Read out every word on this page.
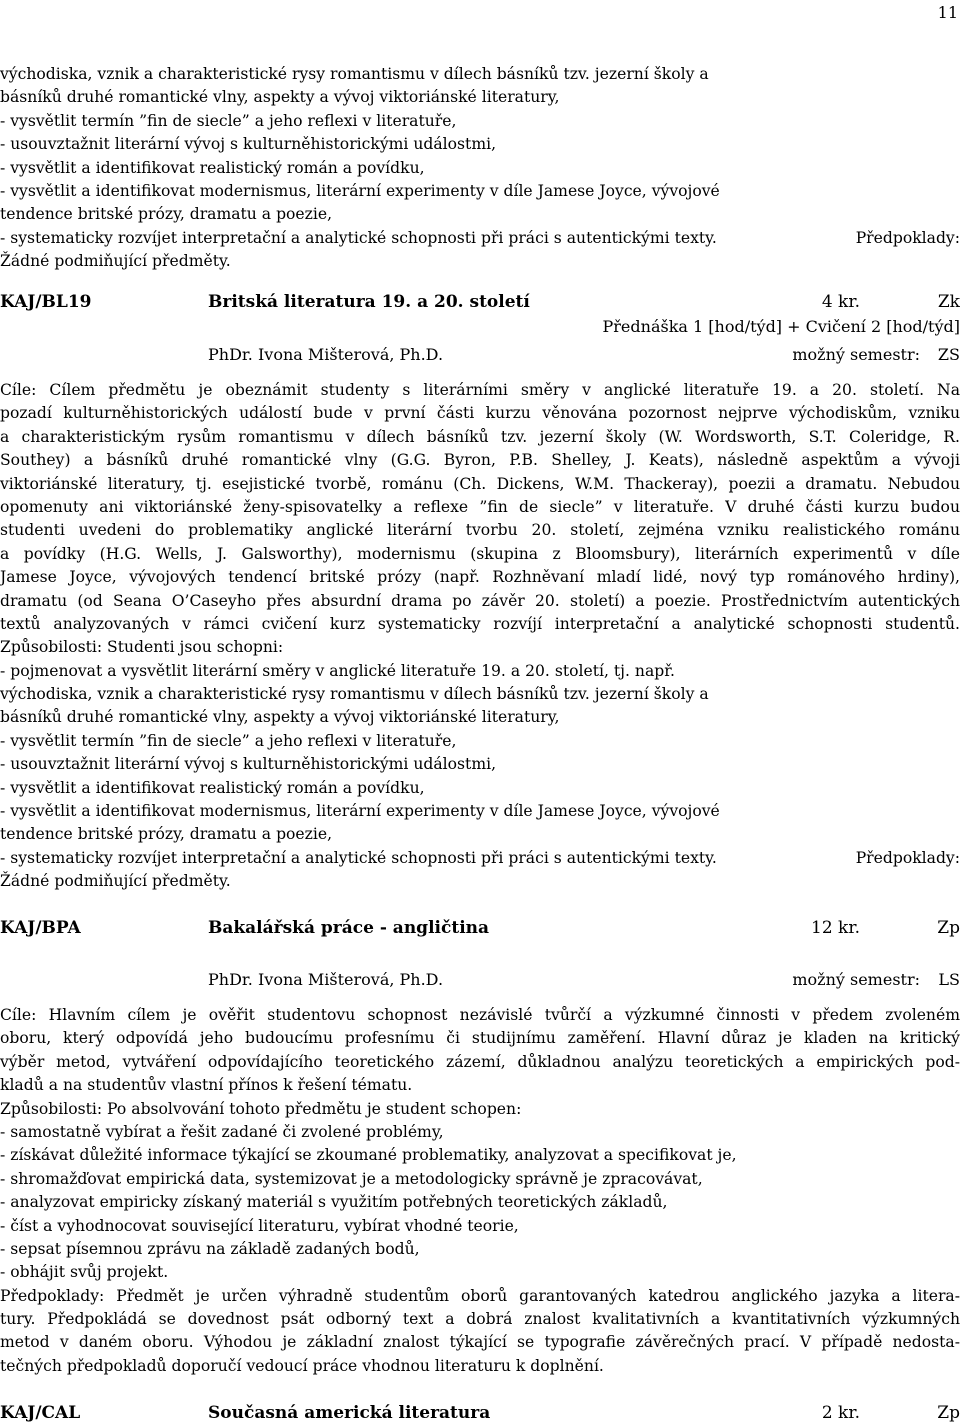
11
východiska, vznik a charakteristické rysy romantismu v dílech básníků tzv. jezerní školy a
básníků druhé romantické vlny, aspekty a vývoj viktoriánské literatury,
- vysvětlit termín ”fin de siecle” a jeho reflexi v literatuře,
- usouvztažnit literární vývoj s kulturněhistorickými událostmi,
- vysvětlit a identifikovat realistický román a povídku,
- vysvětlit a identifikovat modernismus, literární experimenty v díle Jamese Joyce, vývojové
tendence britské prózy, dramatu a poezie,
- systematicky rozvíjet interpretační a analytické schopnosti při práci s autentickými texty.	Předpoklady:
Žádné podmiňující předměty.
KAJ/BL19	Britská literatura 19. a 20. století	4 kr.	Zk
Přednáška 1 [hod/týd] + Cvičení 2 [hod/týd]
PhDr. Ivona Mišterová, Ph.D.	možný semestr: ZS
Cíle: Cílem předmětu je obeznámit studenty s literárními směry v anglické literatuře 19. a 20. století. Na
pozadí kulturněhistorických událostí bude v první části kurzu věnována pozornost nejprve východiskům, vzniku
a charakteristickým rysům romantismu v dílech básníků tzv. jezerní školy (W. Wordsworth, S.T. Coleridge, R.
Southey) a básníků druhé romantické vlny (G.G. Byron, P.B. Shelley, J. Keats), následně aspektům a vývoji
viktoriánské literatury, tj. esejistické tvorbě, románu (Ch. Dickens, W.M. Thackeray), poezii a dramatu. Nebudou
opomenuty ani viktoriánské ženy-spisovatelky a reflexe ”fin de siecle” v literatuře. V druhé části kurzu budou
studenti uvedeni do problematiky anglické literární tvorbu 20. století, zejména vzniku realistického románu
a povídky (H.G. Wells, J. Galsworthy), modernismu (skupina z Bloomsbury), literárních experimentů v díle
Jamese Joyce, vývojových tendencí britské prózy (např. Rozhněvaní mladí lidé, nový typ románového hrdiny),
dramatu (od Seana O’Caseyho přes absurdní drama po závěr 20. století) a poezie. Prostřednictvím autentických
textů analyzovaných v rámci cvičení kurz systematicky rozvíjí interpretační a analytické schopnosti studentů.
Způsobilosti: Studenti jsou schopni:
- pojmenovat a vysvětlit literární směry v anglické literatuře 19. a 20. století, tj. např.
východiska, vznik a charakteristické rysy romantismu v dílech básníků tzv. jezerní školy a
básníků druhé romantické vlny, aspekty a vývoj viktoriánské literatury,
- vysvětlit termín ”fin de siecle” a jeho reflexi v literatuře,
- usouvztažnit literární vývoj s kulturněhistorickými událostmi,
- vysvětlit a identifikovat realistický román a povídku,
- vysvětlit a identifikovat modernismus, literární experimenty v díle Jamese Joyce, vývojové
tendence britské prózy, dramatu a poezie,
- systematicky rozvíjet interpretační a analytické schopnosti při práci s autentickými texty.	Předpoklady:
Žádné podmiňující předměty.
KAJ/BPA	Bakalářská práce - angličtina	12 kr.	Zp
PhDr. Ivona Mišterová, Ph.D.	možný semestr: LS
Cíle: Hlavním cílem je ověřit studentovu schopnost nezávislé tvůrčí a výzkumné činnosti v předem zvoleném
oboru, který odpovídá jeho budoucímu profesnímu či studijnímu zaměření. Hlavní důraz je kladen na kritický
výběr metod, vytváření odpovídajícího teoretického zázemí, důkladnou analýzu teoretických a empirických pod-
kladů a na studentův vlastní přínos k řešení tématu.
Způsobilosti: Po absolvování tohoto předmětu je student schopen:
- samostatně vybírat a řešit zadané či zvolené problémy,
- získávat důležité informace týkající se zkoumané problematiky, analyzovat a specifikovat je,
- shromažďovat empirická data, systemizovat je a metodologicky správně je zpracovávat,
- analyzovat empiricky získaný materiál s využitím potřebných teoretických základů,
- číst a vyhodnocovat související literaturu, vybírat vhodné teorie,
- sepsat písemnou zprávu na základě zadaných bodů,
- obhájit svůj projekt.
Předpoklady: Předmět je určen výhradně studentům oborů garantovaných katedrou anglického jazyka a litera-
tury. Předpokládá se dovednost psát odborný text a dobrá znalost kvalitativních a kvantitativních výzkumných
metod v daném oboru. Výhodou je základní znalost týkající se typografie závěrečných prací. V případě nedosta-
tečných předpokladů doporučí vedoucí práce vhodnou literaturu k doplnění.
KAJ/CAL	Současná americká literatura	2 kr.	Zp
